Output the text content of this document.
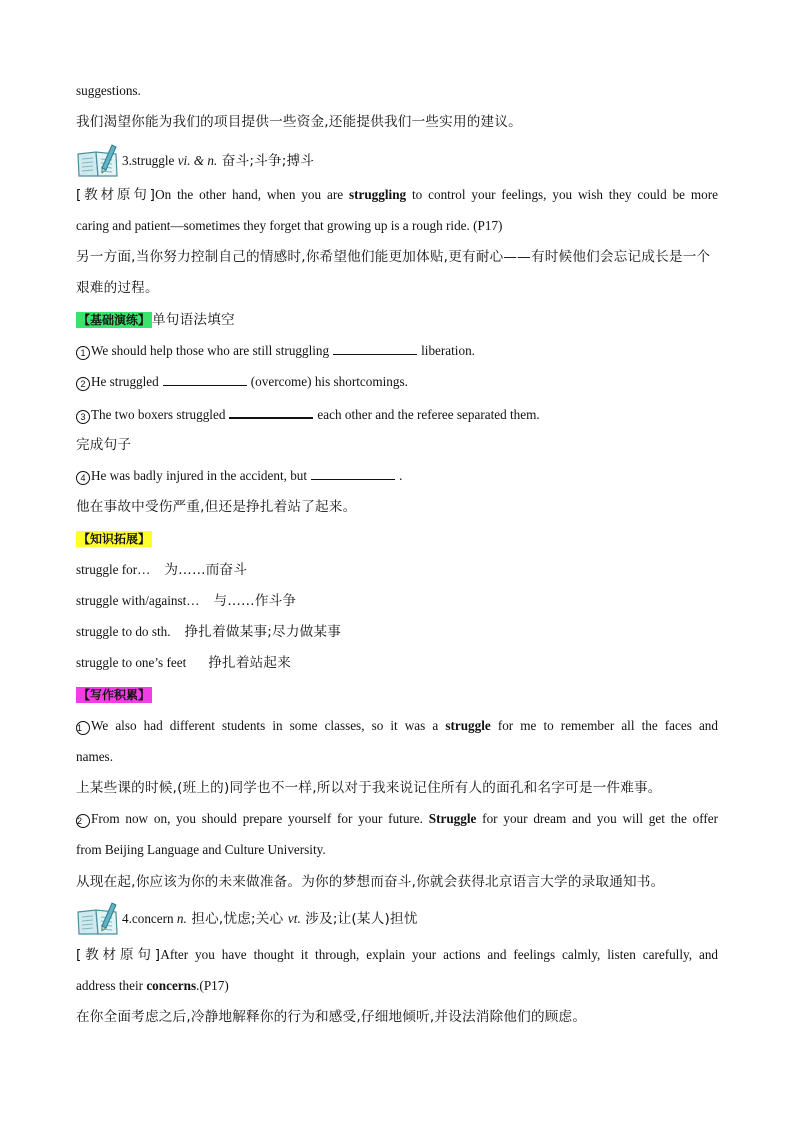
suggestions.
我们渴望你能为我们的项目提供一些资金,还能提供我们一些实用的建议。
3.struggle vi. & n. 奋斗;斗争;搏斗
[教材原句]On the other hand, when you are struggling to control your feelings, you wish they could be more
caring and patient—sometimes they forget that growing up is a rough ride. (P17)
另一方面,当你努力控制自己的情感时,你希望他们能更加体贴,更有耐心——有时候他们会忘记成长是一个
艰难的过程。
【基础演练】 单句语法填空
1 We should help those who are still struggling	liberation.
2 He struggled	(overcome) his shortcomings.
3 The two boxers struggled	each other and the referee separated them.
完成句子
4 He was badly injured in the accident, but	.
他在事故中受伤严重,但还是挣扎着站了起来。
【知识拓展】
struggle for… 为……而奋斗
struggle with/against… 与……作斗争
struggle to do sth. 挣扎着做某事;尽力做某事
struggle to one’s feet 挣扎着站起来
【写作积累】
1 We also had different students in some classes, so it was a struggle for me to remember all the faces and
names.
上某些课的时候,(班上的)同学也不一样,所以对于我来说记住所有人的面孔和名字可是一件难事。
2 From now on, you should prepare yourself for your future. Struggle for your dream and you will get the offer
from Beijing Language and Culture University.
从现在起,你应该为你的未来做准备。为你的梦想而奋斗,你就会获得北京语言大学的录取通知书。
4.concern n. 担心,忧虑;关心 vt. 涉及;让(某人)担忧
[教材原句]After you have thought it through, explain your actions and feelings calmly, listen carefully, and
address their concerns.(P17)
在你全面考虑之后,冷静地解释你的行为和感受,仔细地倾听,并设法消除他们的顾虑。
